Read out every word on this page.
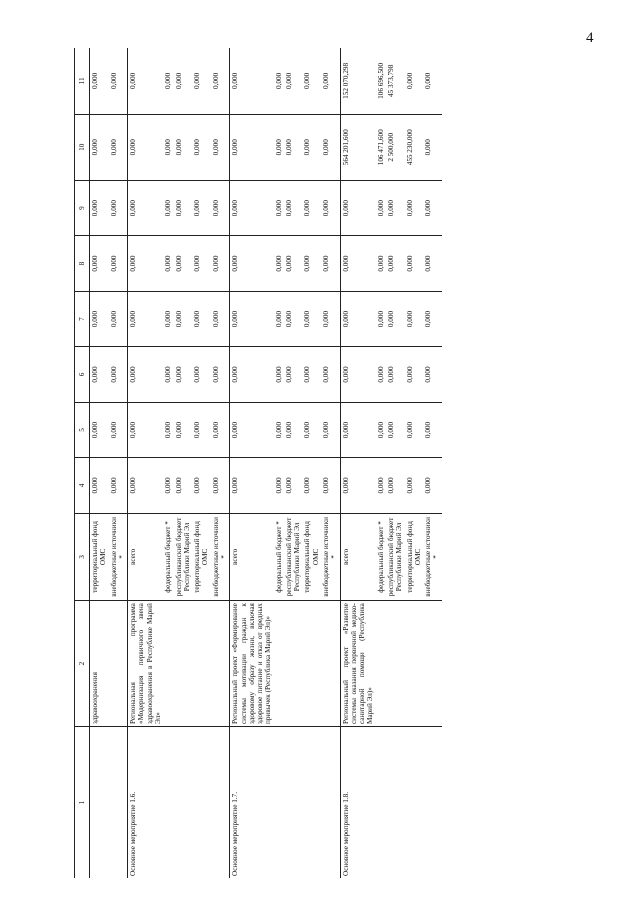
4
1	2	3	4	5	6	7	8	9	10	11
	здравоохранения	территориальный фонд ОМС	0,000	0,000	0,000	0,000	0,000	0,000	0,000	0,000
		внебюджетные источники *	0,000	0,000	0,000	0,000	0,000	0,000	0,000	0,000
Основное мероприятие 1.6.	Региональная программа «Модернизация первичного звена здравоохранения в Республике Марий Эл»	всего	0,000	0,000	0,000	0,000	0,000	0,000	0,000	0,000
		федеральный бюджет *	0,000	0,000	0,000	0,000	0,000	0,000	0,000	0,000
		республиканский бюджет Республики Марий Эл	0,000	0,000	0,000	0,000	0,000	0,000	0,000	0,000
		территориальный фонд ОМС	0,000	0,000	0,000	0,000	0,000	0,000	0,000	0,000
		внебюджетные источники *	0,000	0,000	0,000	0,000	0,000	0,000	0,000	0,000
Основное мероприятие 1.7.	Региональный проект «Формирование системы мотивации граждан к здоровому образу жизни, включая здоровое питание и отказ от вредных привычек (Республика Марий Эл)»	всего	0,000	0,000	0,000	0,000	0,000	0,000	0,000	0,000
		федеральный бюджет *	0,000	0,000	0,000	0,000	0,000	0,000	0,000	0,000
		республиканский бюджет Республики Марий Эл	0,000	0,000	0,000	0,000	0,000	0,000	0,000	0,000
		территориальный фонд ОМС	0,000	0,000	0,000	0,000	0,000	0,000	0,000	0,000
		внебюджетные источники *	0,000	0,000	0,000	0,000	0,000	0,000	0,000	0,000
Основное мероприятие 1.8.	Региональный проект «Развитие системы оказания первичной медико-санитарной помощи (Республика Марий Эл)»	всего	0,000	0,000	0,000	0,000	0,000	0,000	564 201,600	152 070,298
		федеральный бюджет *	0,000	0,000	0,000	0,000	0,000	0,000	106 471,600	106 696,500
		республиканский бюджет Республики Марий Эл	0,000	0,000	0,000	0,000	0,000	0,000	2 500,000	45 373,798
		территориальный фонд ОМС	0,000	0,000	0,000	0,000	0,000	0,000	455 230,000	0,000
		внебюджетные источники *	0,000	0,000	0,000	0,000	0,000	0,000	0,000	0,000
